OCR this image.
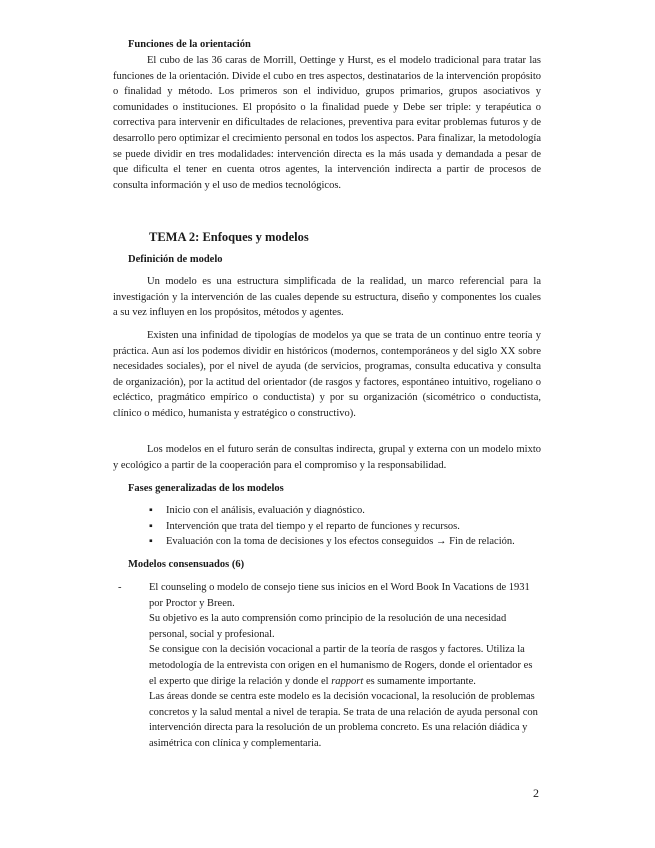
Funciones de la orientación

El cubo de las 36 caras de Morrill, Oettinge y Hurst, es el modelo tradicional para tratar las funciones de la orientación. Divide el cubo en tres aspectos, destinatarios de la intervención propósito o finalidad y método. Los primeros son el individuo, grupos primarios, grupos asociativos y comunidades o instituciones. El propósito o la finalidad puede y Debe ser triple: y terapéutica o correctiva para intervenir en dificultades de relaciones, preventiva para evitar problemas futuros y de desarrollo pero optimizar el crecimiento personal en todos los aspectos. Para finalizar, la metodología se puede dividir en tres modalidades: intervención directa es la más usada y demandada a pesar de que dificulta el tener en cuenta otros agentes, la intervención indirecta a partir de procesos de consulta información y el uso de medios tecnológicos.

TEMA 2: Enfoques y modelos

Definición de modelo

Un modelo es una estructura simplificada de la realidad, un marco referencial para la investigación y la intervención de las cuales depende su estructura, diseño y componentes los cuales a su vez influyen en los propósitos, métodos y agentes.

Existen una infinidad de tipologías de modelos ya que se trata de un continuo entre teoría y práctica. Aun así los podemos dividir en históricos (modernos, contemporáneos y del siglo XX sobre necesidades sociales), por el nivel de ayuda (de servicios, programas, consulta educativa y consulta de organización), por la actitud del orientador (de rasgos y factores, espontáneo intuitivo, rogeliano o ecléctico, pragmático empírico o conductista) y por su organización (sicométrico o conductista, clínico o médico, humanista y estratégico o constructivo).

Los modelos en el futuro serán de consultas indirecta, grupal y externa con un modelo mixto y ecológico a partir de la cooperación para el compromiso y la responsabilidad.

Fases generalizadas de los modelos

▪ Inicio con el análisis, evaluación y diagnóstico.
▪ Intervención que trata del tiempo y el reparto de funciones y recursos.
▪ Evaluación con la toma de decisiones y los efectos conseguidos → Fin de relación.

Modelos consensuados (6)

-	El counseling o modelo de consejo tiene sus inicios en el Word Book In Vacations de 1931 por Proctor y Breen.

Su objetivo es la auto comprensión como principio de la resolución de una necesidad personal, social y profesional.

Se consigue con la decisión vocacional a partir de la teoría de rasgos y factores. Utiliza la metodología de la entrevista con origen en el humanismo de Rogers, donde el orientador es el experto que dirige la relación y donde el rapport es sumamente importante.

Las áreas donde se centra este modelo es la decisión vocacional, la resolución de problemas concretos y la salud mental a nivel de terapia. Se trata de una relación de ayuda personal con intervención directa para la resolución de un problema concreto. Es una relación diádica y asimétrica con clínica y complementaria.

2
